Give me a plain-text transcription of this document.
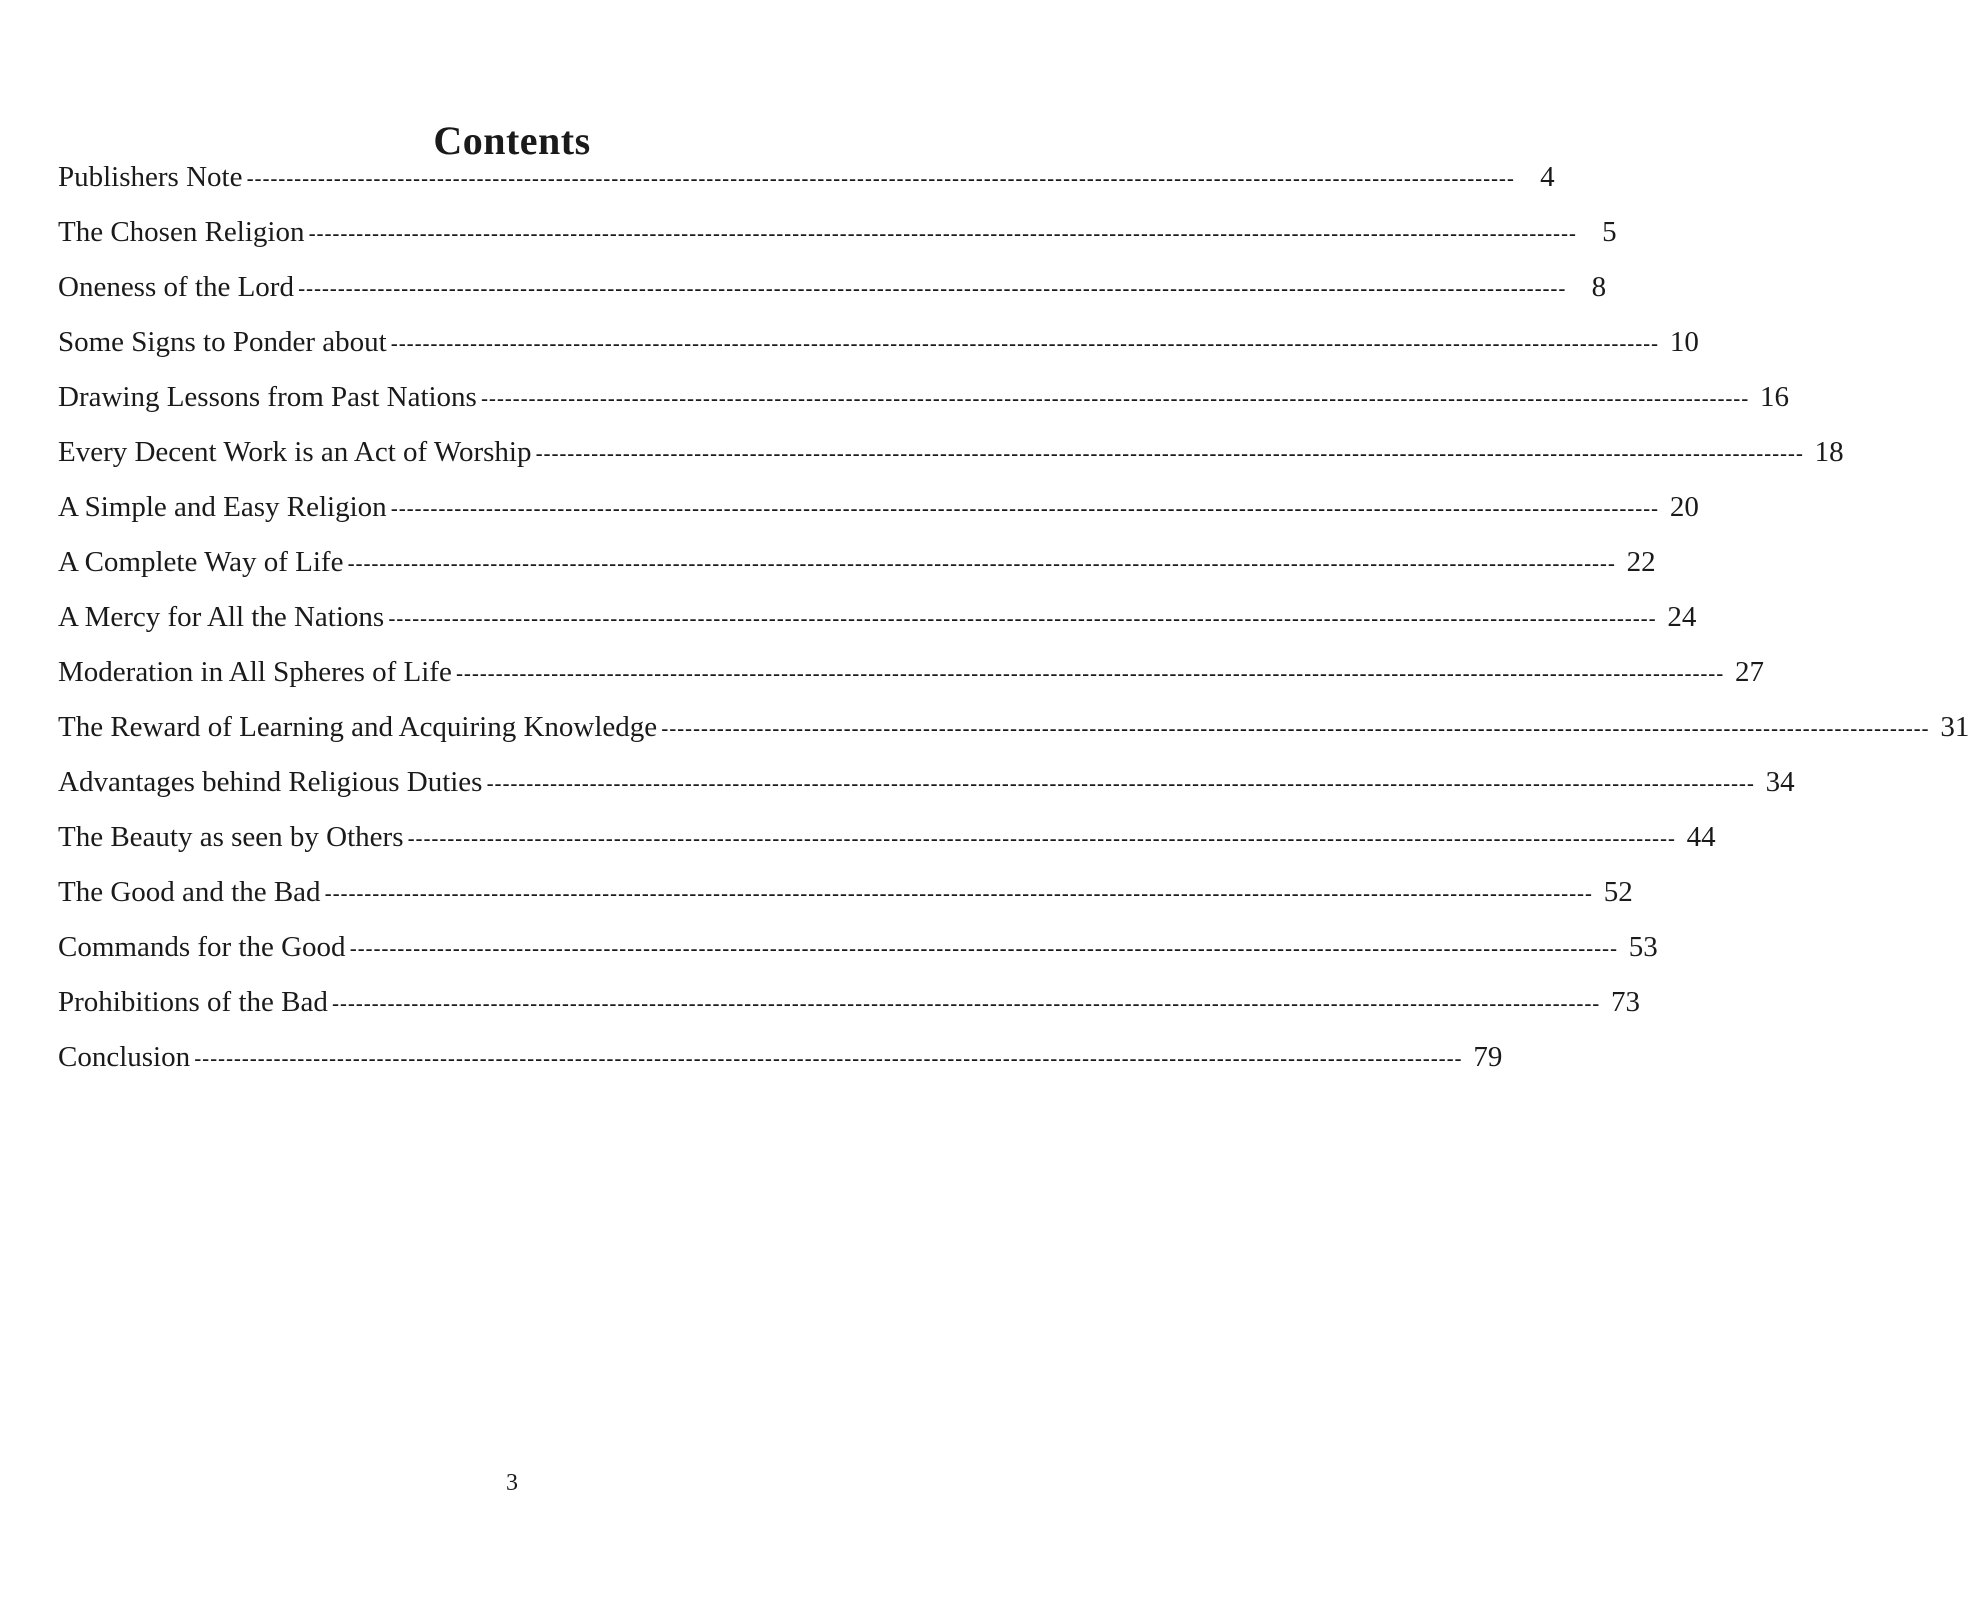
Contents
Publishers Note ---------------------------------------------------------------------------------------------------------------------------------------------------------------- 4
The Chosen Religion ---------------------------------------------------------------------------------------------------------------------------------------------------------------- 5
Oneness of the Lord ---------------------------------------------------------------------------------------------------------------------------------------------------------------- 8
Some Signs to Ponder about ---------------------------------------------------------------------------------------------------------------------------------------------------------------- 10
Drawing Lessons from Past Nations ---------------------------------------------------------------------------------------------------------------------------------------------------------------- 16
Every Decent Work is an Act of Worship ---------------------------------------------------------------------------------------------------------------------------------------------------------------- 18
A Simple and Easy Religion ---------------------------------------------------------------------------------------------------------------------------------------------------------------- 20
A Complete Way of Life ---------------------------------------------------------------------------------------------------------------------------------------------------------------- 22
A Mercy for All the Nations ---------------------------------------------------------------------------------------------------------------------------------------------------------------- 24
Moderation in All Spheres of Life ---------------------------------------------------------------------------------------------------------------------------------------------------------------- 27
The Reward of Learning and Acquiring Knowledge ---------------------------------------------------------------------------------------------------------------------------------------------------------------- 31
Advantages behind Religious Duties ---------------------------------------------------------------------------------------------------------------------------------------------------------------- 34
The Beauty as seen by Others ---------------------------------------------------------------------------------------------------------------------------------------------------------------- 44
The Good and the Bad ---------------------------------------------------------------------------------------------------------------------------------------------------------------- 52
Commands for the Good ---------------------------------------------------------------------------------------------------------------------------------------------------------------- 53
Prohibitions of the Bad ---------------------------------------------------------------------------------------------------------------------------------------------------------------- 73
Conclusion ---------------------------------------------------------------------------------------------------------------------------------------------------------------- 79
3
